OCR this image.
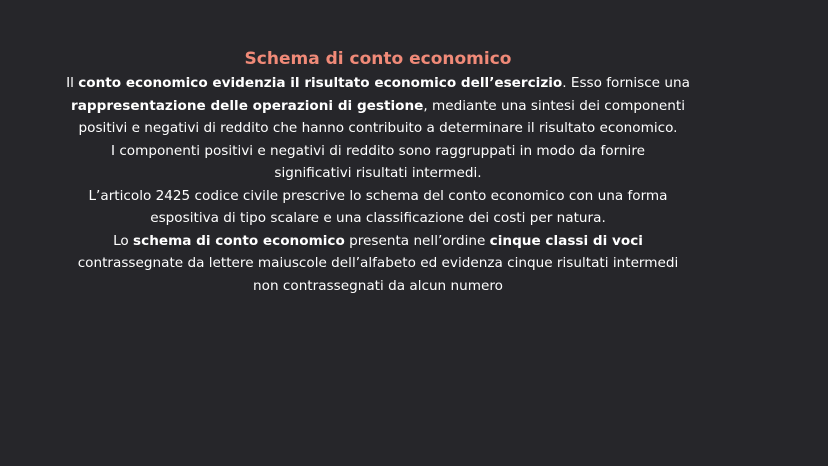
Schema di conto economico
Il conto economico evidenzia il risultato economico dell’esercizio. Esso fornisce una
rappresentazione delle operazioni di gestione, mediante una sintesi dei componenti
positivi e negativi di reddito che hanno contribuito a determinare il risultato economico.
I componenti positivi e negativi di reddito sono raggruppati in modo da fornire
significativi risultati intermedi.
L’articolo 2425 codice civile prescrive lo schema del conto economico con una forma
espositiva di tipo scalare e una classificazione dei costi per natura.
Lo schema di conto economico presenta nell’ordine cinque classi di voci
contrassegnate da lettere maiuscole dell’alfabeto ed evidenza cinque risultati intermedi
non contrassegnati da alcun numero
